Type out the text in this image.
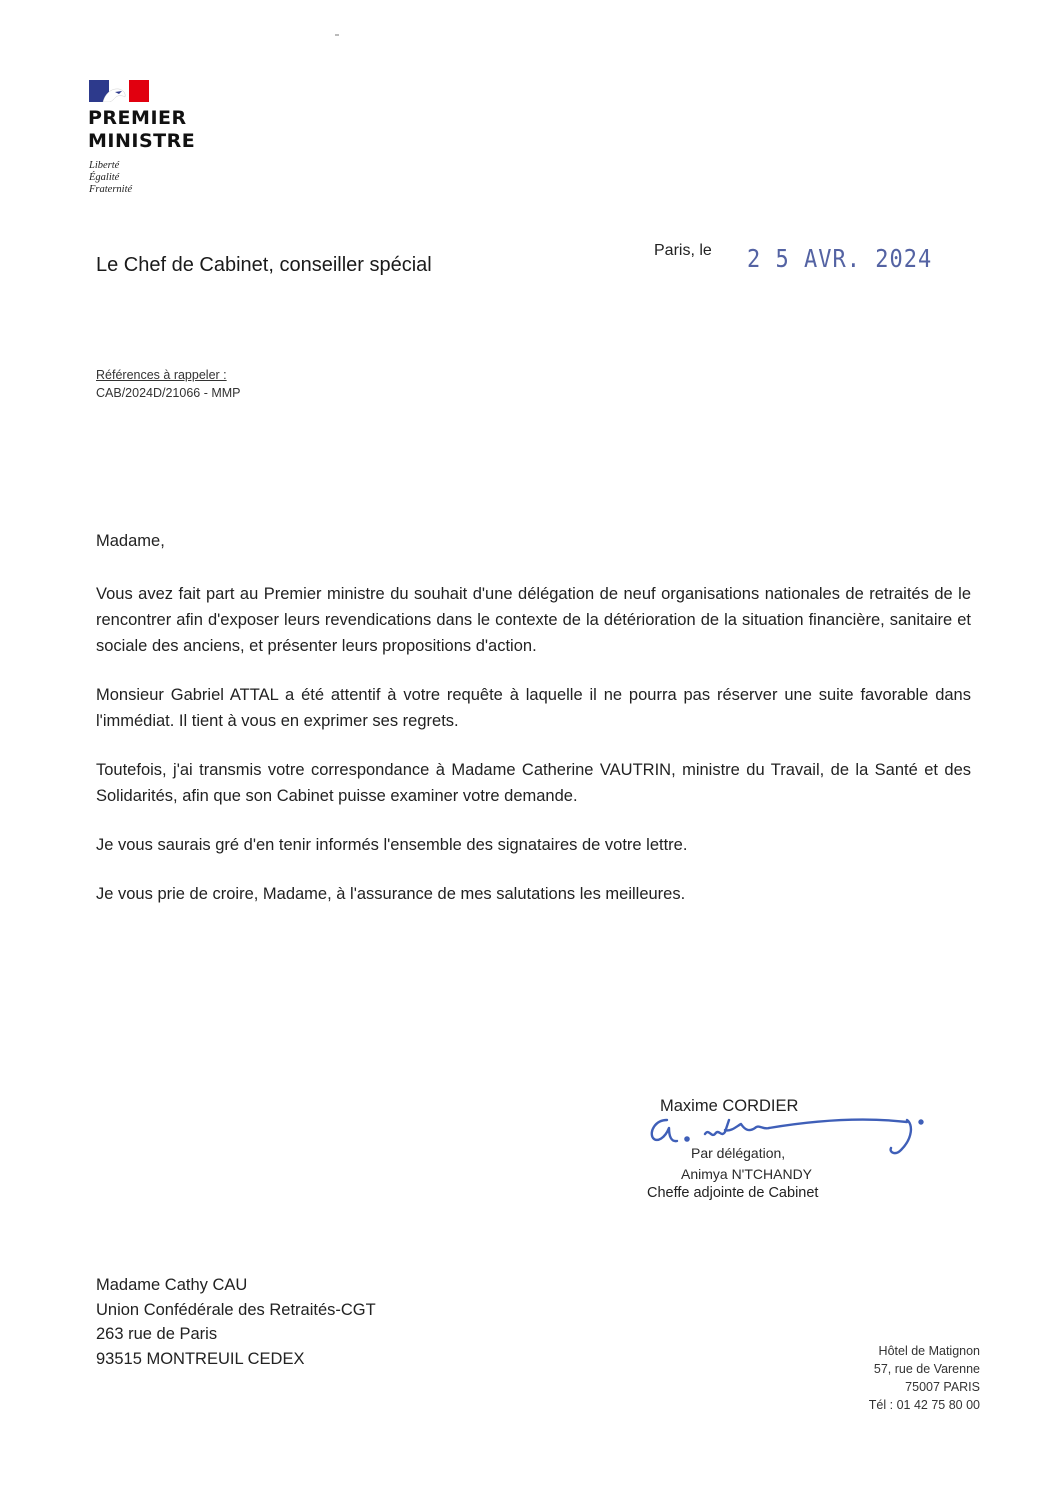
PREMIER
MINISTRE
Liberté
Égalité
Fraternité
Le Chef de Cabinet, conseiller spécial
Paris, le 2 5 AVR. 2024
Références à rappeler :
CAB/2024D/21066 - MMP

Madame,

Vous avez fait part au Premier ministre du souhait d'une délégation de neuf organisations nationales de retraités de le rencontrer afin d'exposer leurs revendications dans le contexte de la détérioration de la situation financière, sanitaire et sociale des anciens, et présenter leurs propositions d'action.

Monsieur Gabriel ATTAL a été attentif à votre requête à laquelle il ne pourra pas réserver une suite favorable dans l'immédiat. Il tient à vous en exprimer ses regrets.

Toutefois, j'ai transmis votre correspondance à Madame Catherine VAUTRIN, ministre du Travail, de la Santé et des Solidarités, afin que son Cabinet puisse examiner votre demande.

Je vous saurais gré d'en tenir informés l'ensemble des signataires de votre lettre.

Je vous prie de croire, Madame, à l'assurance de mes salutations les meilleures.

Maxime CORDIER
Par délégation,
Animya N'TCHANDY
Cheffe adjointe de Cabinet
Madame Cathy CAU
Union Confédérale des Retraités-CGT
263 rue de Paris
93515 MONTREUIL CEDEX	Hôtel de Matignon
57, rue de Varenne
75007 PARIS
Tél : 01 42 75 80 00
